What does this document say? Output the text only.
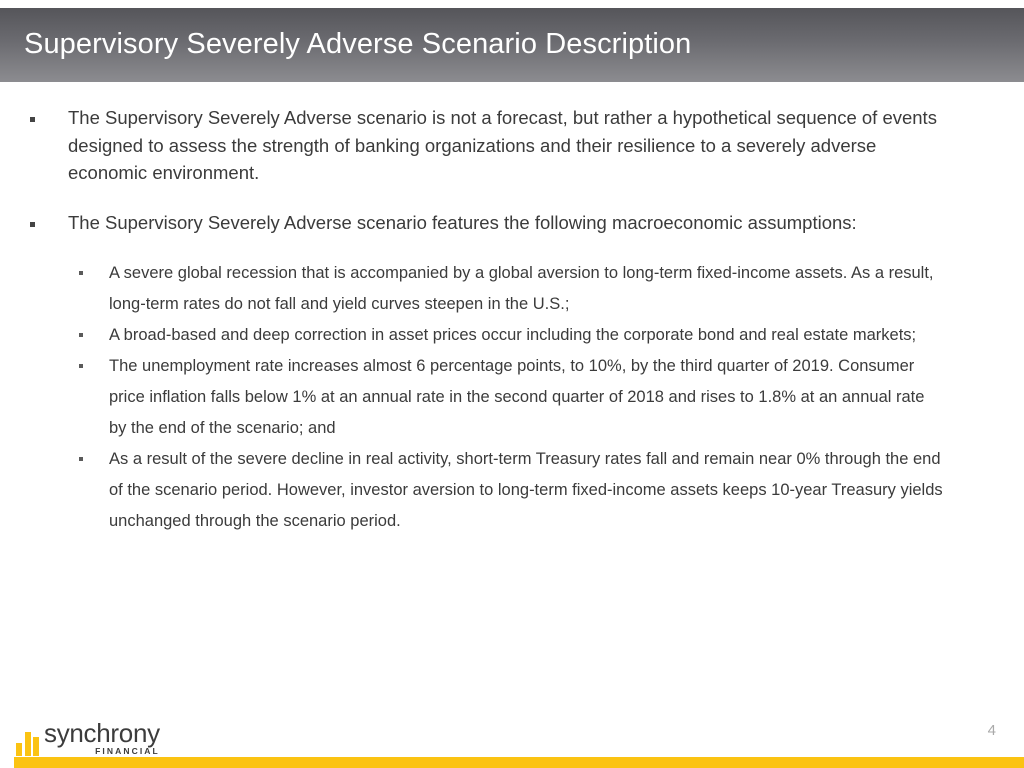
Supervisory Severely Adverse Scenario Description
The Supervisory Severely Adverse scenario is not a forecast, but rather a hypothetical sequence of events designed to assess the strength of banking organizations and their resilience to a severely adverse economic environment.
The Supervisory Severely Adverse scenario features the following macroeconomic assumptions:
A severe global recession that is accompanied by a global aversion to long-term fixed-income assets. As a result, long-term rates do not fall and yield curves steepen in the U.S.;
A broad-based and deep correction in asset prices occur including the corporate bond and real estate markets;
The unemployment rate increases almost 6 percentage points, to 10%, by the third quarter of 2019. Consumer price inflation falls below 1% at an annual rate in the second quarter of 2018 and rises to 1.8% at an annual rate by the end of the scenario; and
As a result of the severe decline in real activity, short-term Treasury rates fall and remain near 0% through the end of the scenario period. However, investor aversion to long-term fixed-income assets keeps 10-year Treasury yields unchanged through the scenario period.
synchrony
FINANCIAL
4
